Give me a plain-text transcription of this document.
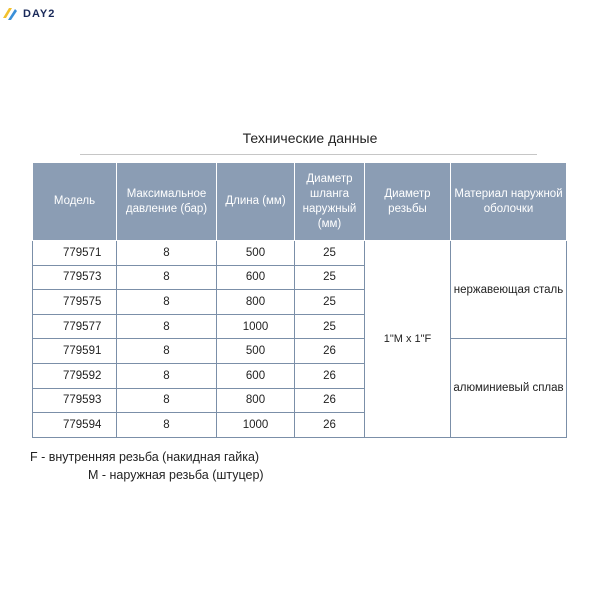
DAY2
Технические данные
Модель	Максимальное давление (бар)	Длина (мм)	Диаметр шланга наружный (мм)	Диаметр резьбы	Материал наружной оболочки
779571	8	500	25	1"M x 1"F	нержавеющая сталь
779573	8	600	25		
779575	8	800	25		
779577	8	1000	25		
779591	8	500	26		алюминиевый сплав
779592	8	600	26		
779593	8	800	26		
779594	8	1000	26		
F - внутренняя резьба (накидная гайка)
M - наружная резьба (штуцер)
